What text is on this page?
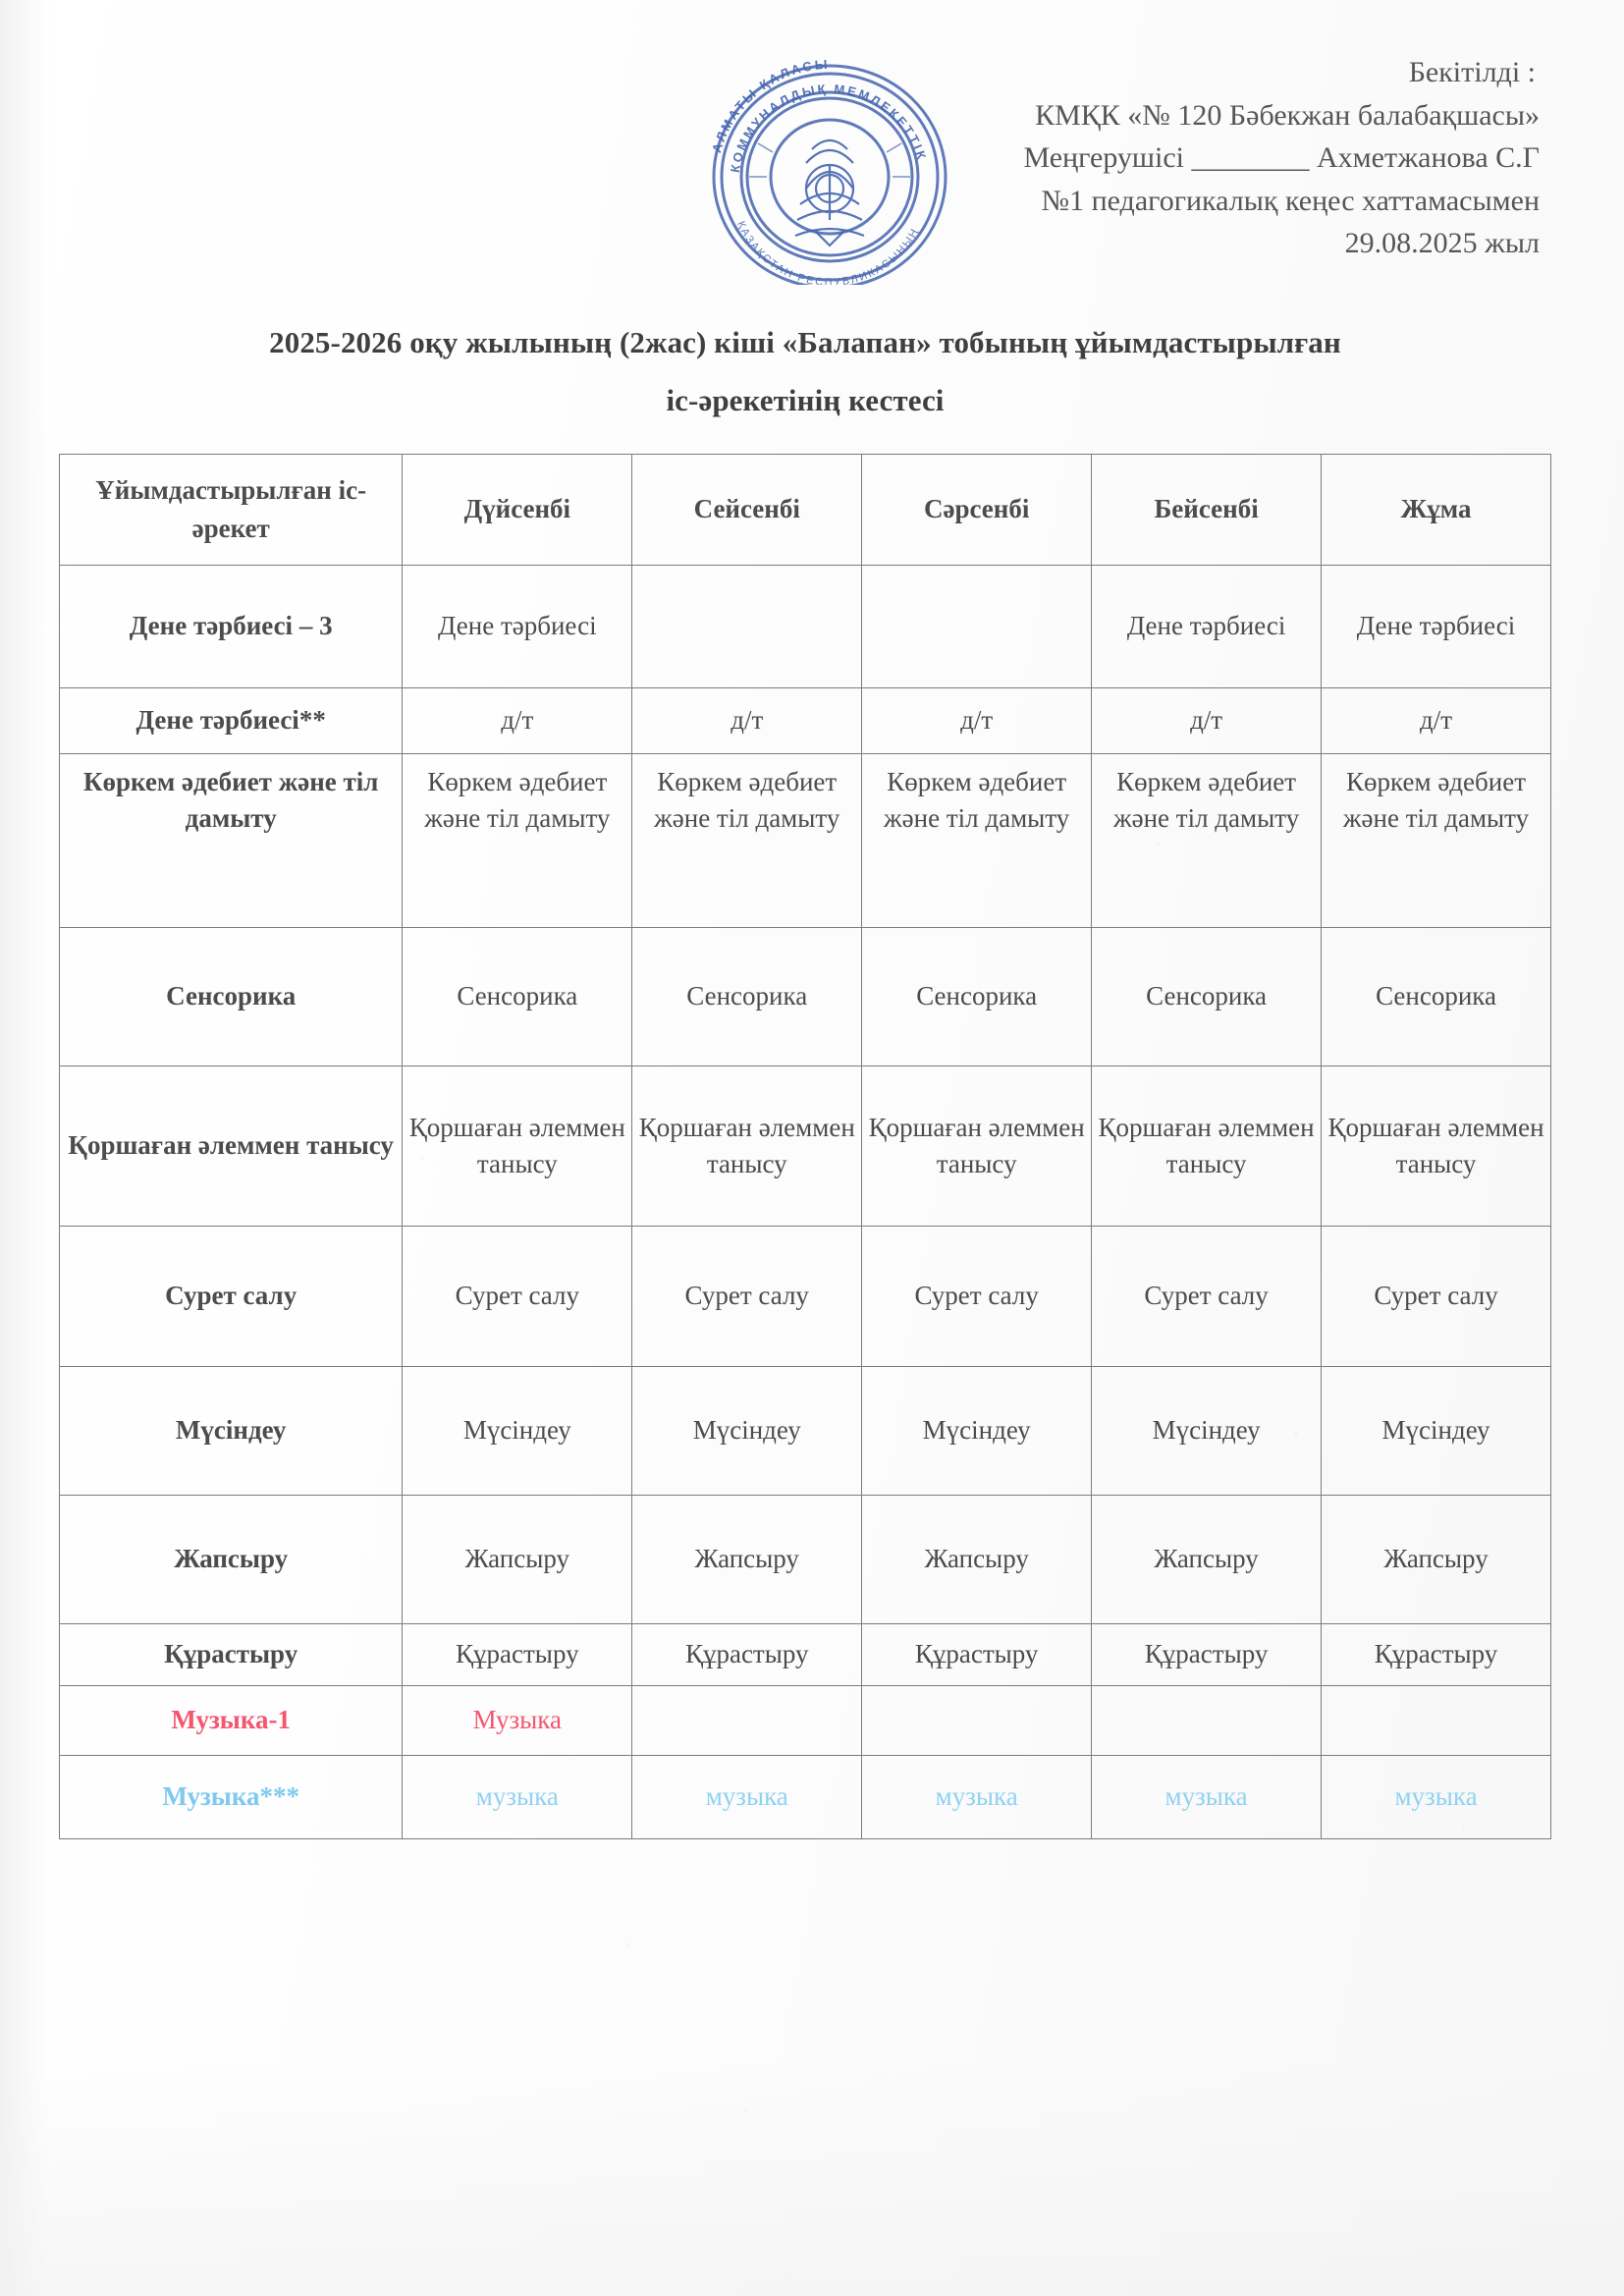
Бекітілді :
КМҚК «№ 120 Бәбекжан балабақшасы»
Меңгерушісі ________ Ахметжанова С.Г
№1 педагогикалық кеңес хаттамасымен
29.08.2025 жыл
АЛМАТЫ ҚАЛАСЫ
КОММУНАЛДЫҚ МЕМЛЕКЕТТІК
ҚАЗАҚСТАН РЕСПУБЛИКАСЫНЫҢ
2025-2026 оқу жылының (2жас) кіші «Балапан» тобының ұйымдастырылған
іс-әрекетінің кестесі
Ұйымдастырылған іс-әрекет	Дүйсенбі	Сейсенбі	Сәрсенбі	Бейсенбі	Жұма
Дене тәрбиесі – 3	Дене тәрбиесі			Дене тәрбиесі	Дене тәрбиесі
Дене тәрбиесі**	д/т	д/т	д/т	д/т	д/т
Көркем әдебиет және тіл дамыту	Көркем әдебиет және тіл дамыту	Көркем әдебиет және тіл дамыту	Көркем әдебиет және тіл дамыту	Көркем әдебиет және тіл дамыту	Көркем әдебиет және тіл дамыту
Сенсорика	Сенсорика	Сенсорика	Сенсорика	Сенсорика	Сенсорика
Қоршаған әлеммен танысу	Қоршаған әлеммен танысу	Қоршаған әлеммен танысу	Қоршаған әлеммен танысу	Қоршаған әлеммен танысу	Қоршаған әлеммен танысу
Сурет салу	Сурет салу	Сурет салу	Сурет салу	Сурет салу	Сурет салу
Мүсіндеу	Мүсіндеу	Мүсіндеу	Мүсіндеу	Мүсіндеу	Мүсіндеу
Жапсыру	Жапсыру	Жапсыру	Жапсыру	Жапсыру	Жапсыру
Құрастыру	Құрастыру	Құрастыру	Құрастыру	Құрастыру	Құрастыру
Музыка-1	Музыка				
Музыка***	музыка	музыка	музыка	музыка	музыка
